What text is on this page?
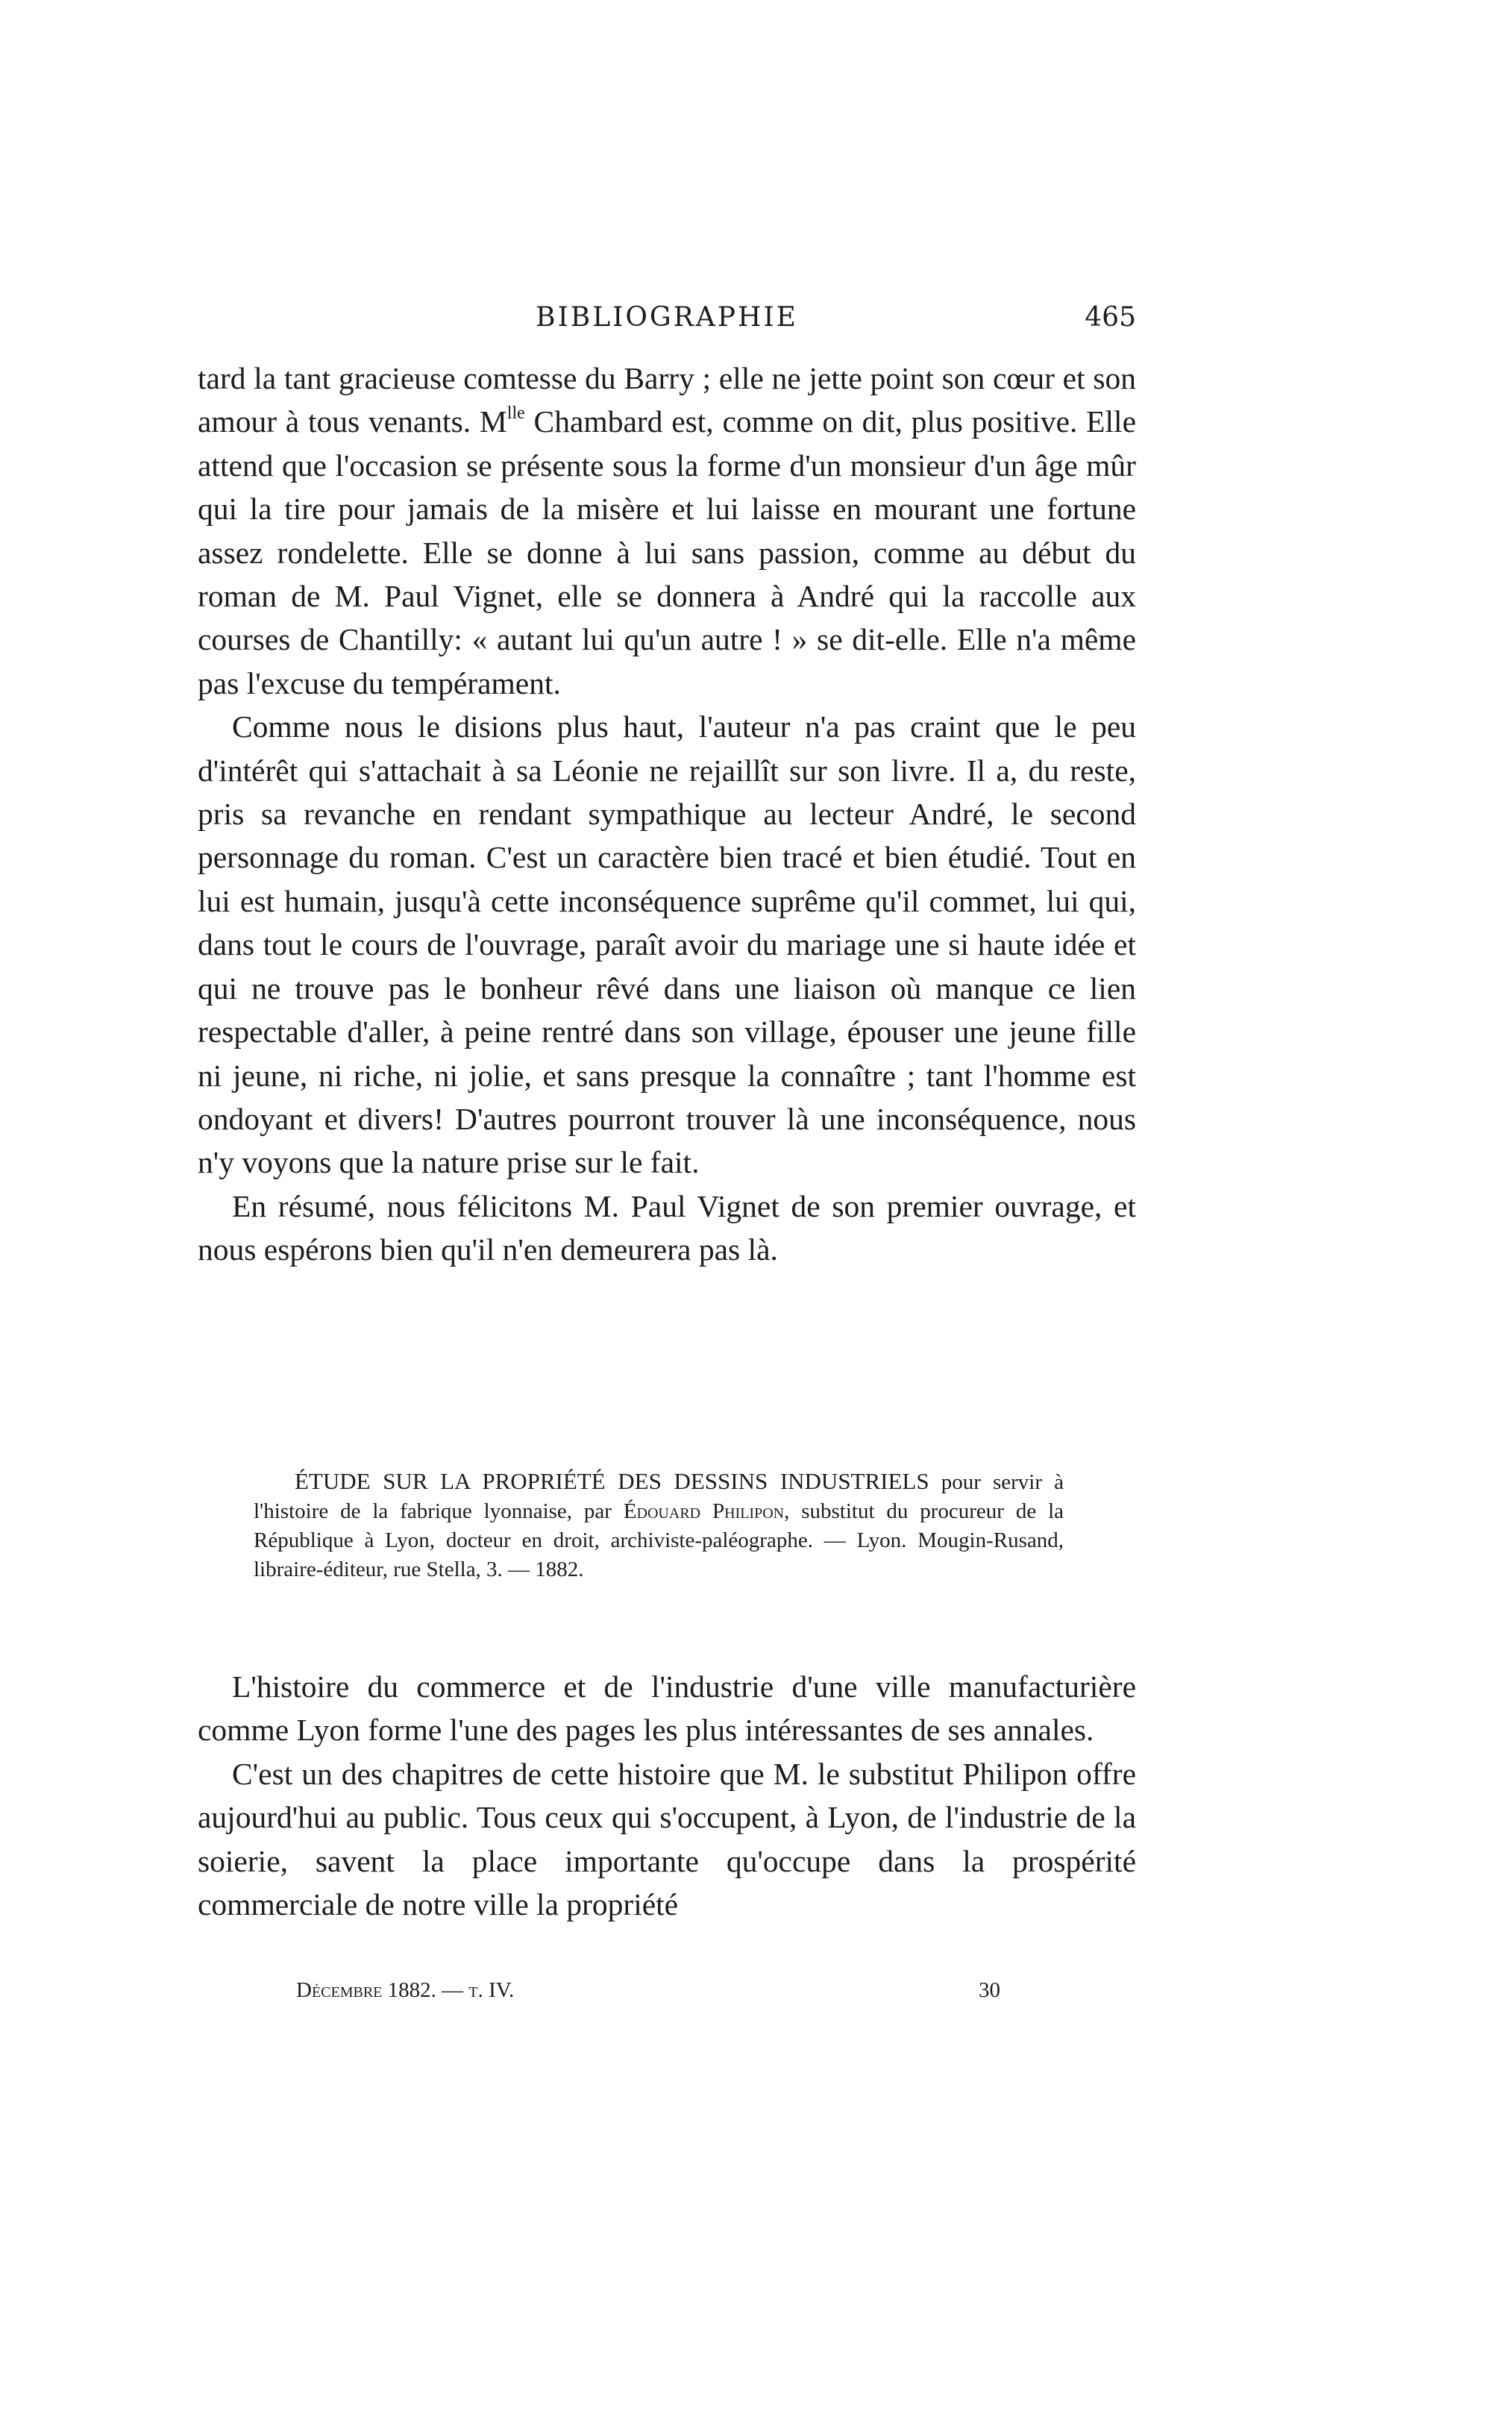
BIBLIOGRAPHIE	465

tard la tant gracieuse comtesse du Barry ; elle ne jette point son cœur et son amour à tous venants. $M^{lle}$ Chambard est, comme on dit, plus positive. Elle attend que l'occasion se présente sous la forme d'un monsieur d'un âge mûr qui la tire pour jamais de la misère et lui laisse en mourant une fortune assez rondelette. Elle se donne à lui sans passion, comme au début du roman de M. Paul Vignet, elle se donnera à André qui la raccolle aux courses de Chantilly: « autant lui qu'un autre ! » se dit-elle. Elle n'a même pas l'excuse du tempérament.

Comme nous le disions plus haut, l'auteur n'a pas craint que le peu d'intérêt qui s'attachait à sa Léonie ne rejaillît sur son livre. Il a, du reste, pris sa revanche en rendant sympathique au lecteur André, le second personnage du roman. C'est un caractère bien tracé et bien étudié. Tout en lui est humain, jusqu'à cette inconséquence suprême qu'il commet, lui qui, dans tout le cours de l'ouvrage, paraît avoir du mariage une si haute idée et qui ne trouve pas le bonheur rêvé dans une liaison où manque ce lien respectable d'aller, à peine rentré dans son village, épouser une jeune fille ni jeune, ni riche, ni jolie, et sans presque la connaître ; tant l'homme est ondoyant et divers! D'autres pourront trouver là une inconséquence, nous n'y voyons que la nature prise sur le fait.

En résumé, nous félicitons M. Paul Vignet de son premier ouvrage, et nous espérons bien qu'il n'en demeurera pas là.

ÉTUDE SUR LA PROPRIÉTÉ DES DESSINS INDUSTRIELS pour servir à l'histoire de la fabrique lyonnaise, par Édouard Philipon, substitut du procureur de la République à Lyon, docteur en droit, archiviste-paléographe. — Lyon. Mougin-Rusand, libraire-éditeur, rue Stella, 3. — 1882.

L'histoire du commerce et de l'industrie d'une ville manufacturière comme Lyon forme l'une des pages les plus intéressantes de ses annales.

C'est un des chapitres de cette histoire que M. le substitut Philipon offre aujourd'hui au public. Tous ceux qui s'occupent, à Lyon, de l'industrie de la soierie, savent la place importante qu'occupe dans la prospérité commerciale de notre ville la propriété

Décembre 1882. — t. IV.	30
